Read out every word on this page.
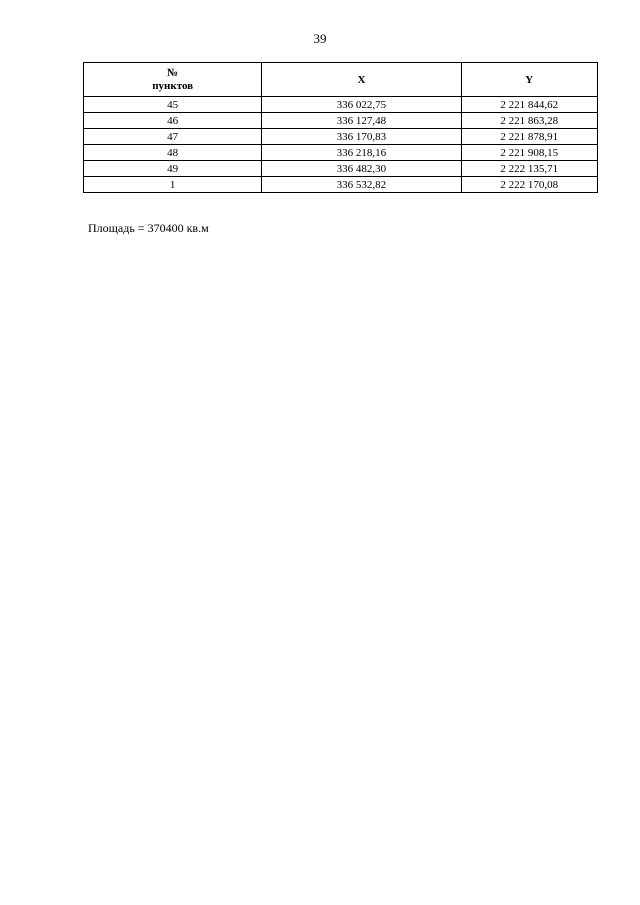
39
№
пунктов	X	Y
45	336 022,75	2 221 844,62
46	336 127,48	2 221 863,28
47	336 170,83	2 221 878,91
48	336 218,16	2 221 908,15
49	336 482,30	2 222 135,71
1	336 532,82	2 222 170,08
Площадь = 370400 кв.м
